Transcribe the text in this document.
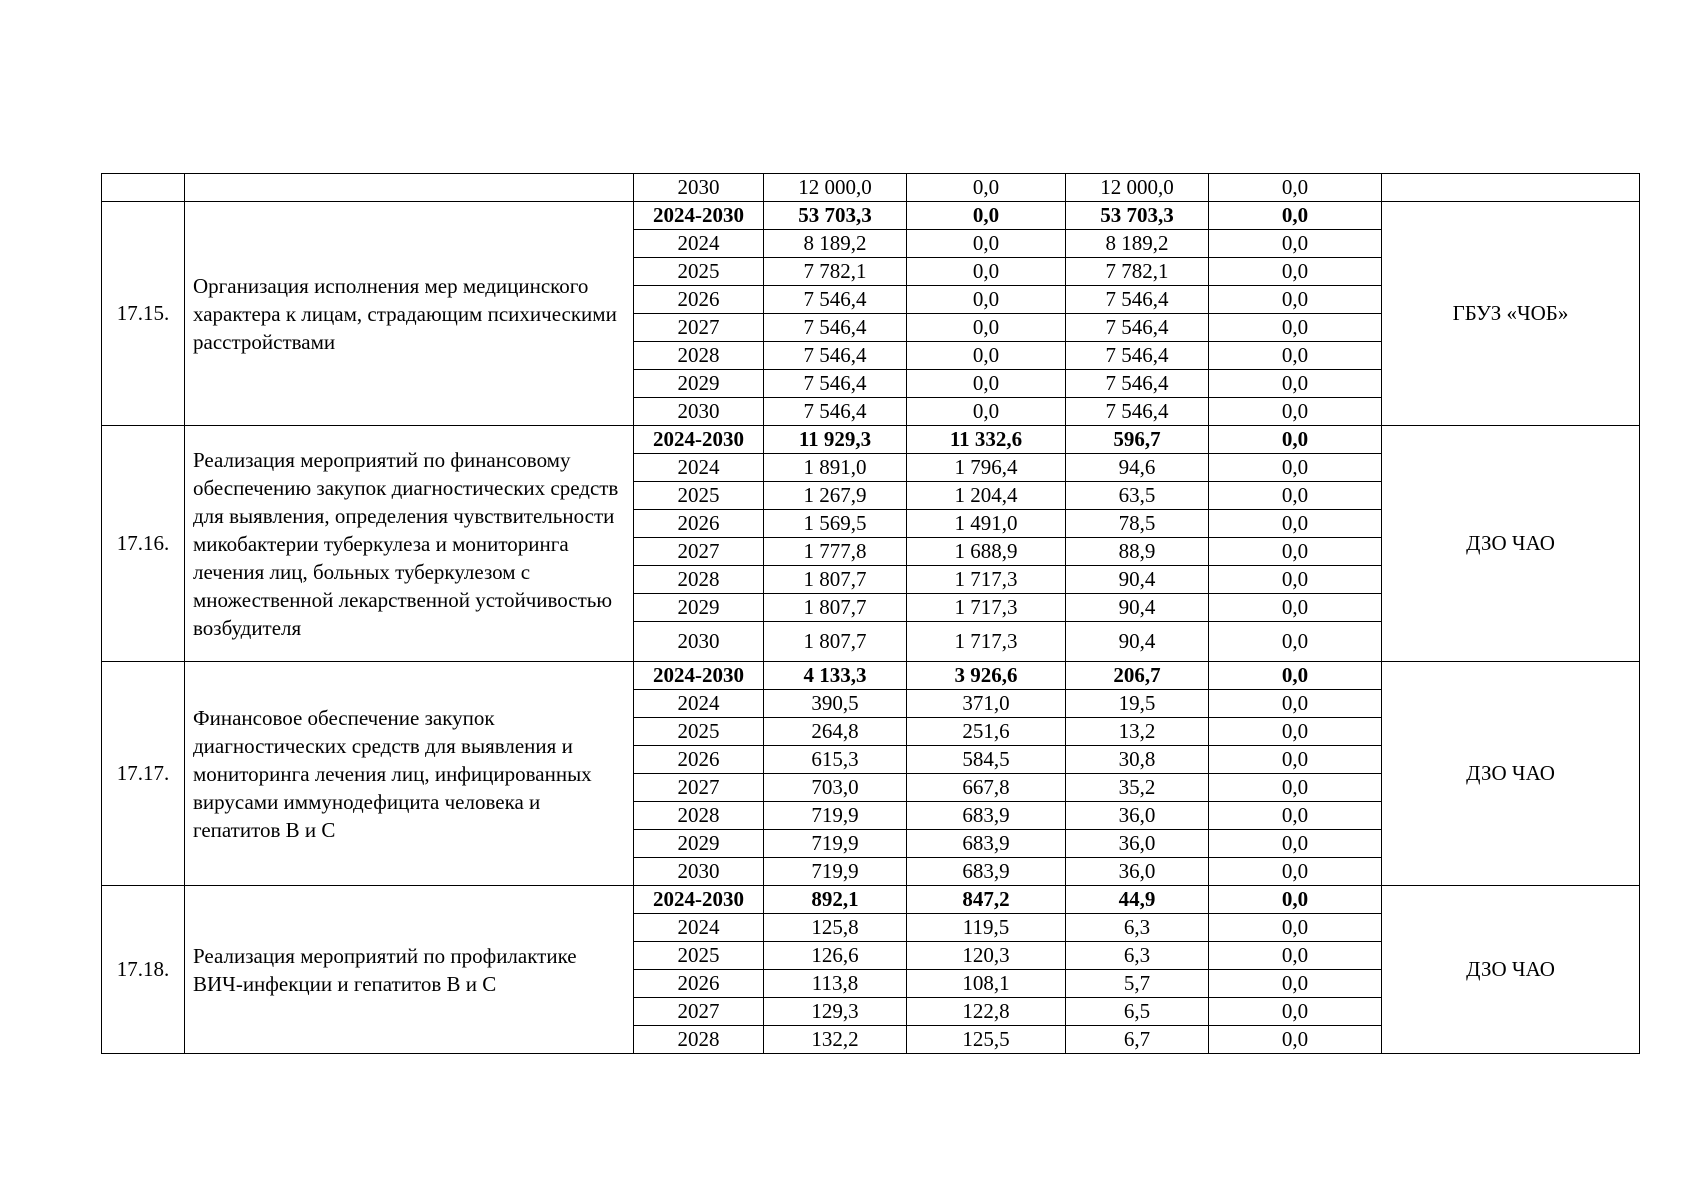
		2030	12 000,0	0,0	12 000,0	0,0	
17.15.	Организация исполнения мер медицинского характера к лицам, страдающим психическими расстройствами	2024-2030	53 703,3	0,0	53 703,3	0,0	ГБУЗ «ЧОБ»
		2024	8 189,2	0,0	8 189,2	0,0	
		2025	7 782,1	0,0	7 782,1	0,0	
		2026	7 546,4	0,0	7 546,4	0,0	
		2027	7 546,4	0,0	7 546,4	0,0	
		2028	7 546,4	0,0	7 546,4	0,0	
		2029	7 546,4	0,0	7 546,4	0,0	
		2030	7 546,4	0,0	7 546,4	0,0	
17.16.	Реализация мероприятий по финансовому обеспечению закупок диагностических средств для выявления, определения чувствительности микобактерии туберкулеза и мониторинга лечения лиц, больных туберкулезом с множественной лекарственной устойчивостью возбудителя	2024-2030	11 929,3	11 332,6	596,7	0,0	ДЗО ЧАО
		2024	1 891,0	1 796,4	94,6	0,0	
		2025	1 267,9	1 204,4	63,5	0,0	
		2026	1 569,5	1 491,0	78,5	0,0	
		2027	1 777,8	1 688,9	88,9	0,0	
		2028	1 807,7	1 717,3	90,4	0,0	
		2029	1 807,7	1 717,3	90,4	0,0	
		2030	1 807,7	1 717,3	90,4	0,0	
17.17.	Финансовое обеспечение закупок диагностических средств для выявления и мониторинга лечения лиц, инфицированных вирусами иммунодефицита человека и гепатитов B и C	2024-2030	4 133,3	3 926,6	206,7	0,0	ДЗО ЧАО
		2024	390,5	371,0	19,5	0,0	
		2025	264,8	251,6	13,2	0,0	
		2026	615,3	584,5	30,8	0,0	
		2027	703,0	667,8	35,2	0,0	
		2028	719,9	683,9	36,0	0,0	
		2029	719,9	683,9	36,0	0,0	
		2030	719,9	683,9	36,0	0,0	
17.18.	Реализация мероприятий по профилактике ВИЧ-инфекции и гепатитов B и C	2024-2030	892,1	847,2	44,9	0,0	ДЗО ЧАО
		2024	125,8	119,5	6,3	0,0	
		2025	126,6	120,3	6,3	0,0	
		2026	113,8	108,1	5,7	0,0	
		2027	129,3	122,8	6,5	0,0	
		2028	132,2	125,5	6,7	0,0	
